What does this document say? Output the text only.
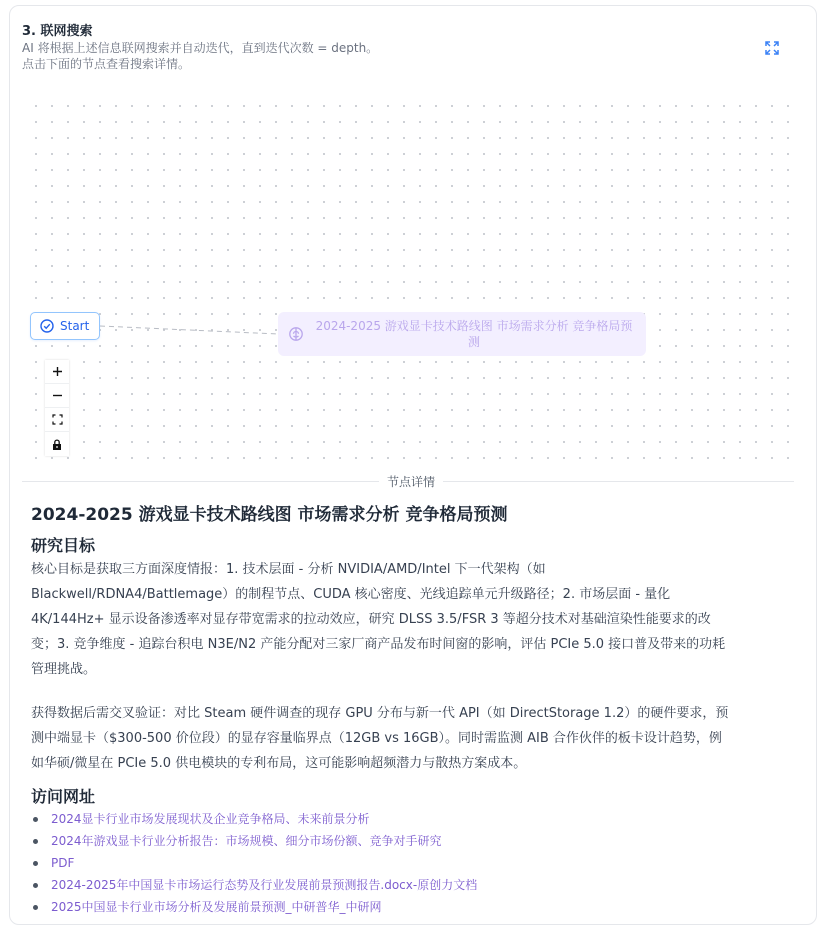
3. 联网搜索
AI 将根据上述信息联网搜索并自动迭代，直到迭代次数 = depth。
点击下面的节点查看搜索详情。
Start	2024-2025 游戏显卡技术路线图 市场需求分析 竞争格局预测
节点详情
2024-2025 游戏显卡技术路线图 市场需求分析 竞争格局预测
研究目标
核心目标是获取三方面深度情报：1. 技术层面 - 分析 NVIDIA/AMD/Intel 下一代架构（如
Blackwell/RDNA4/Battlemage）的制程节点、CUDA 核心密度、光线追踪单元升级路径；2. 市场层面 - 量化
4K/144Hz+ 显示设备渗透率对显存带宽需求的拉动效应，研究 DLSS 3.5/FSR 3 等超分技术对基础渲染性能要求的改
变；3. 竞争维度 - 追踪台积电 N3E/N2 产能分配对三家厂商产品发布时间窗的影响，评估 PCIe 5.0 接口普及带来的功耗
管理挑战。
获得数据后需交叉验证：对比 Steam 硬件调查的现存 GPU 分布与新一代 API（如 DirectStorage 1.2）的硬件要求，预
测中端显卡（$300-500 价位段）的显存容量临界点（12GB vs 16GB）。同时需监测 AIB 合作伙伴的板卡设计趋势，例
如华硕/微星在 PCIe 5.0 供电模块的专利布局，这可能影响超频潜力与散热方案成本。
访问网址
2024显卡行业市场发展现状及企业竞争格局、未来前景分析
2024年游戏显卡行业分析报告：市场规模、细分市场份额、竞争对手研究
PDF
2024-2025年中国显卡市场运行态势及行业发展前景预测报告.docx-原创力文档
2025中国显卡行业市场分析及发展前景预测_中研普华_中研网
